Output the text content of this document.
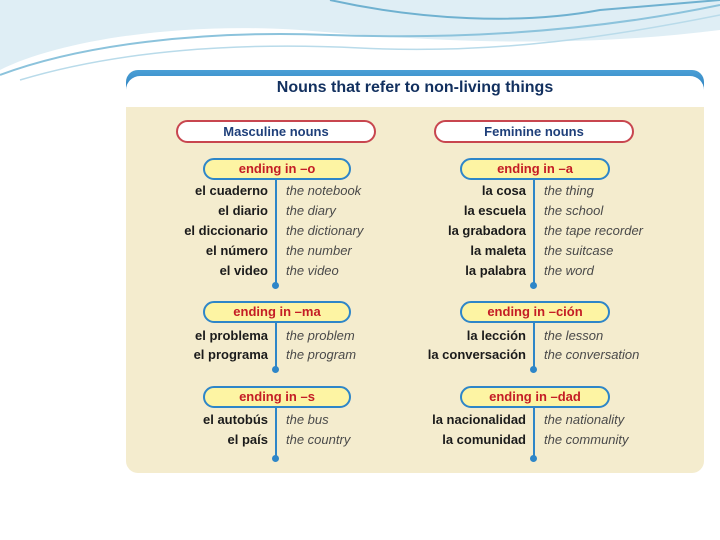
Nouns that refer to non-living things
Masculine nouns	Feminine nouns
ending in –o
el cuaderno the notebook
el diario the diary
el diccionario the dictionary
el número the number
el video the video
ending in –ma
el problema the problem
el programa the program
ending in –s
el autobús the bus
el país the country
ending in –a
la cosa the thing
la escuela the school
la grabadora the tape recorder
la maleta the suitcase
la palabra the word
ending in –ción
la lección the lesson
la conversación the conversation
ending in –dad
la nacionalidad the nationality
la comunidad the community
